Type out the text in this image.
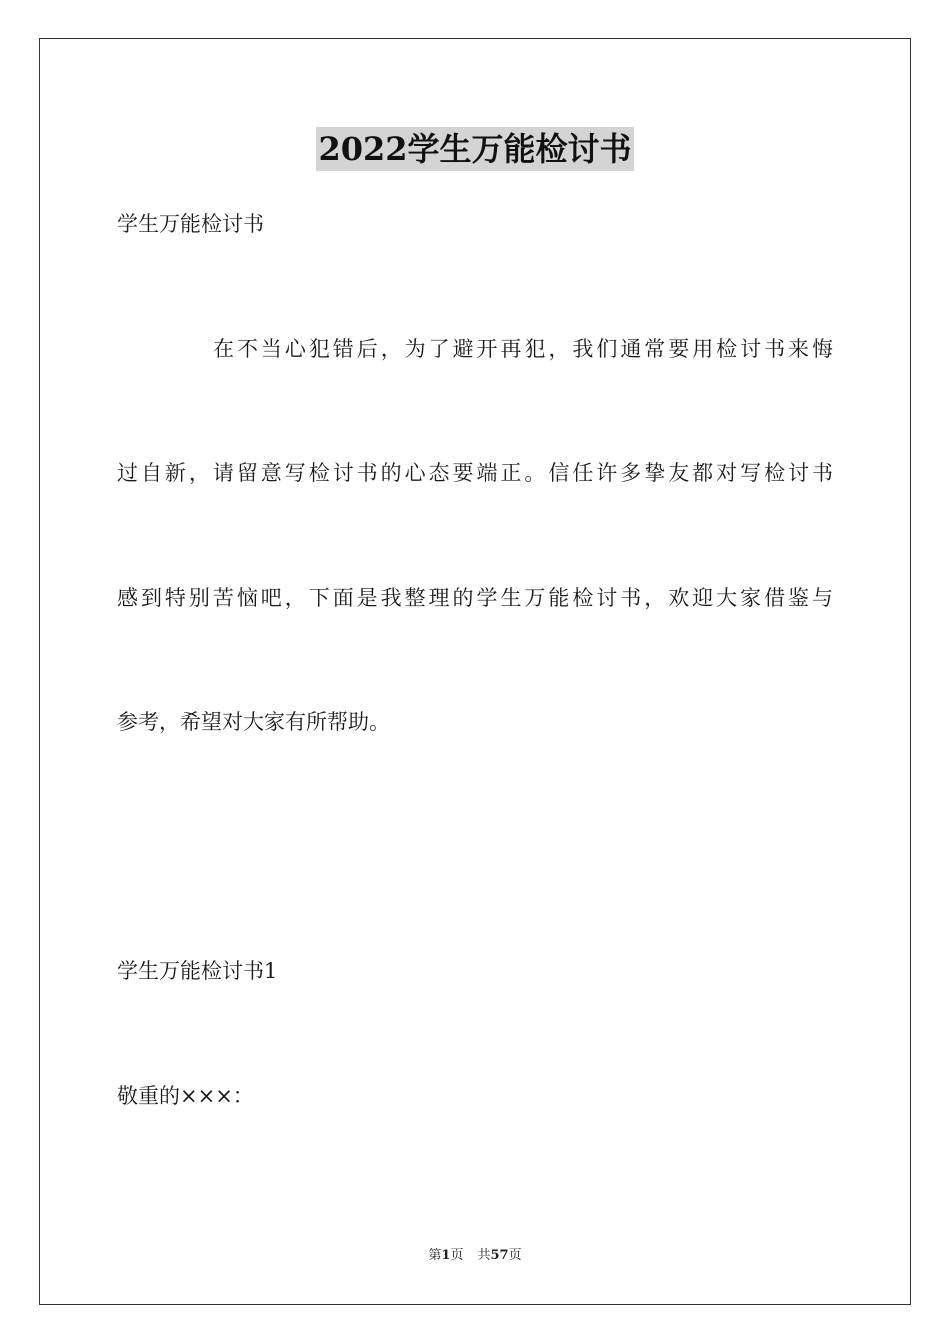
2022学生万能检讨书
学生万能检讨书
在不当心犯错后，为了避开再犯，我们通常要用检讨书来悔
过自新，请留意写检讨书的心态要端正。信任许多挚友都对写检讨书
感到特别苦恼吧，下面是我整理的学生万能检讨书，欢迎大家借鉴与
参考，希望对大家有所帮助。
学生万能检讨书1
敬重的×××：
第1页 共57页
